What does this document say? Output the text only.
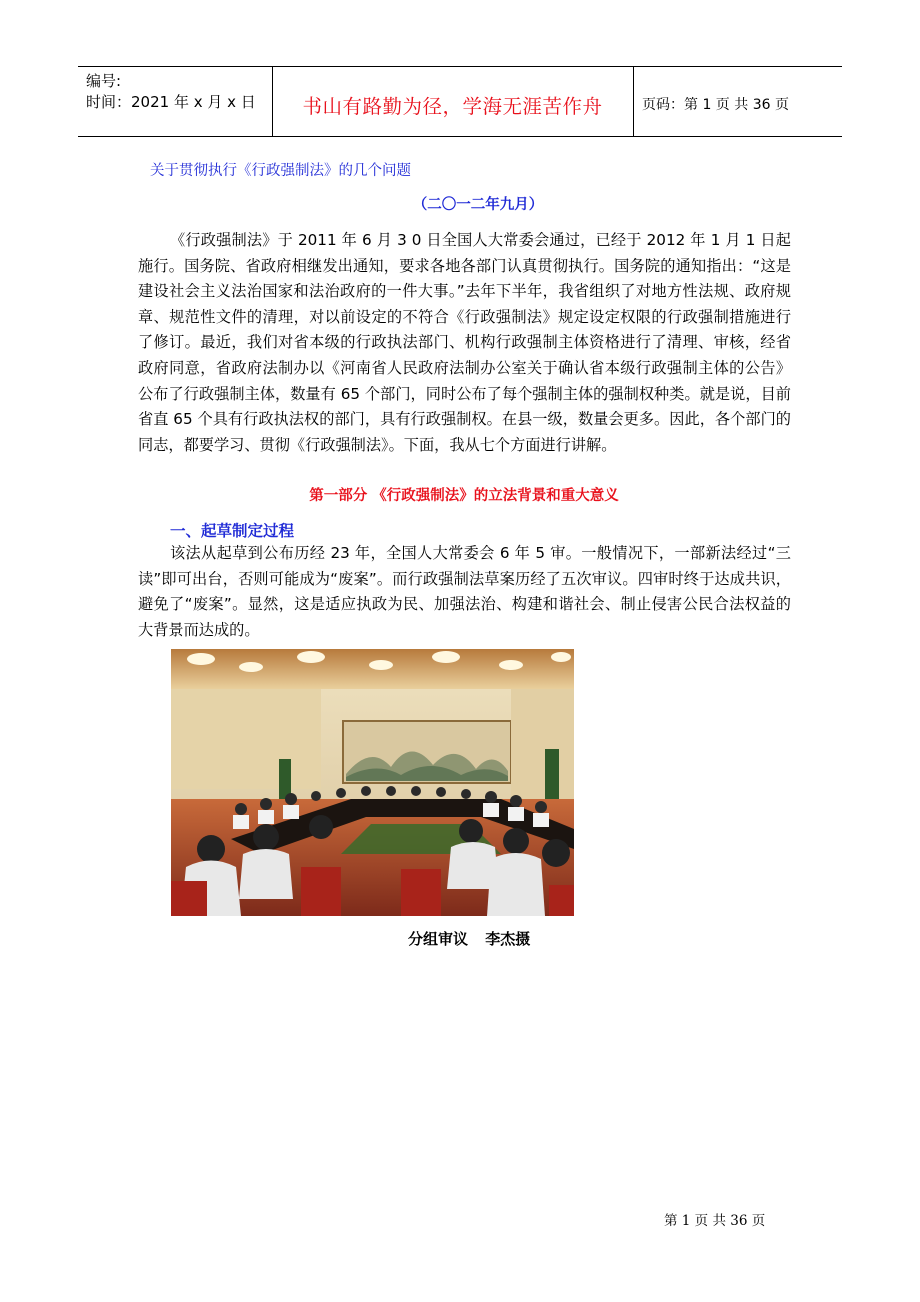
编号:
时间：2021 年 x 月 x 日	书山有路勤为径，学海无涯苦作舟	页码：第 1 页 共 36 页
关于贯彻执行《行政强制法》的几个问题
（二〇一二年九月）
《行政强制法》于 2011 年 6 月 3 0 日全国人大常委会通过，已经于 2012 年 1 月 1 日起施行。国务院、省政府相继发出通知，要求各地各部门认真贯彻执行。国务院的通知指出：“这是建设社会主义法治国家和法治政府的一件大事。”去年下半年，我省组织了对地方性法规、政府规章、规范性文件的清理，对以前设定的不符合《行政强制法》规定设定权限的行政强制措施进行了修订。最近，我们对省本级的行政执法部门、机构行政强制主体资格进行了清理、审核，经省政府同意，省政府法制办以《河南省人民政府法制办公室关于确认省本级行政强制主体的公告》公布了行政强制主体，数量有 65 个部门，同时公布了每个强制主体的强制权种类。就是说，目前省直 65 个具有行政执法权的部门，具有行政强制权。在县一级，数量会更多。因此，各个部门的同志，都要学习、贯彻《行政强制法》。下面，我从七个方面进行讲解。
第一部分 《行政强制法》的立法背景和重大意义
一、起草制定过程
该法从起草到公布历经 23 年，全国人大常委会 6 年 5 审。一般情况下，一部新法经过“三读”即可出台，否则可能成为“废案”。而行政强制法草案历经了五次审议。四审时终于达成共识，避免了“废案”。显然，这是适应执政为民、加强法治、构建和谐社会、制止侵害公民合法权益的大背景而达成的。
分组审议 李杰摄
第 1 页 共 36 页
